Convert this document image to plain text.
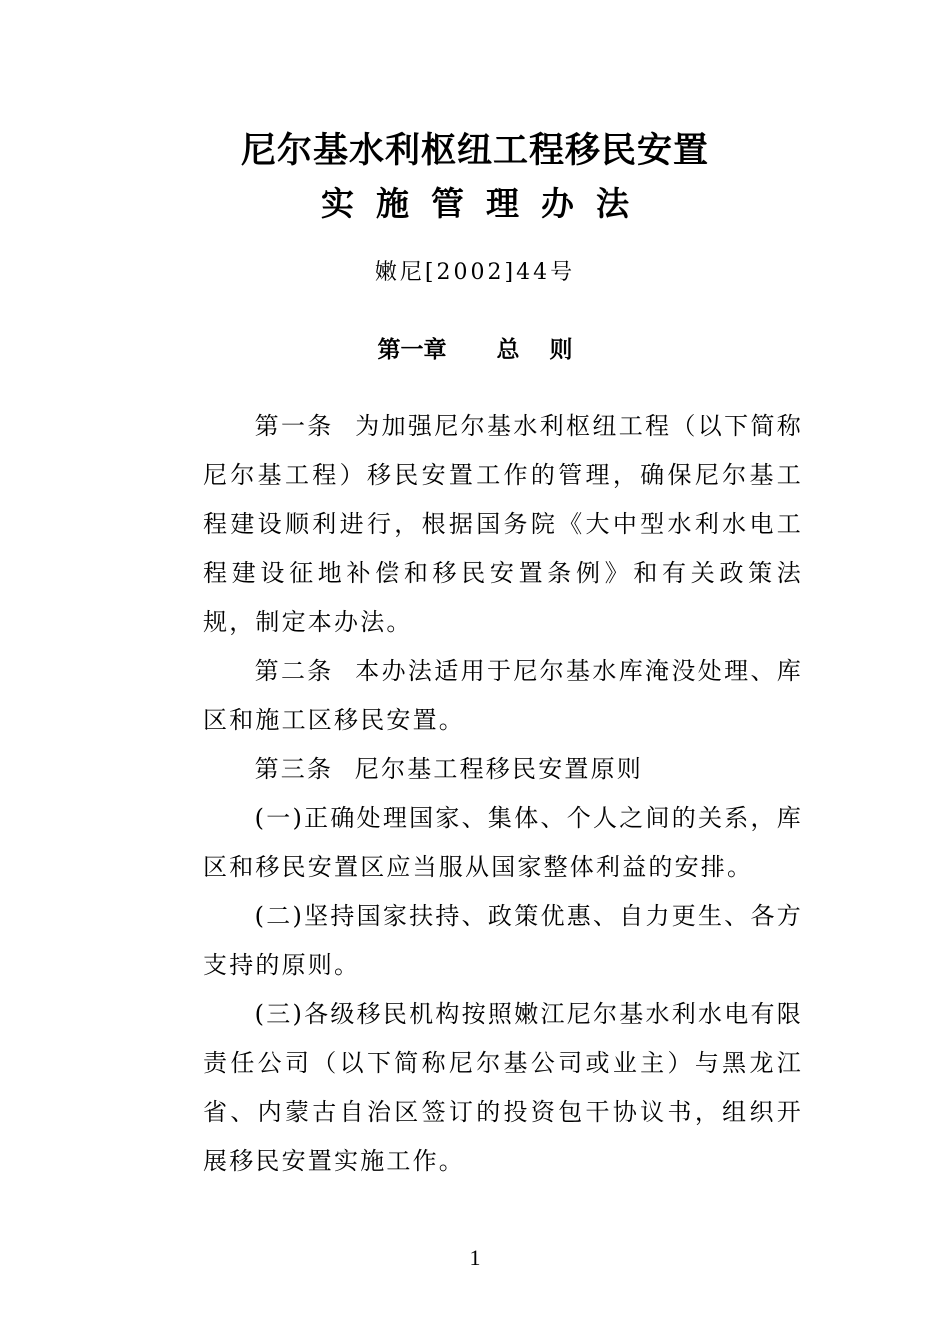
尼尔基水利枢纽工程移民安置
实施管理办法
嫩尼[2002]44号
第一章 总 则

第一条 为加强尼尔基水利枢纽工程（以下简称尼尔基工程）移民安置工作的管理，确保尼尔基工程建设顺利进行，根据国务院《大中型水利水电工程建设征地补偿和移民安置条例》和有关政策法规，制定本办法。

第二条 本办法适用于尼尔基水库淹没处理、库区和施工区移民安置。

第三条 尼尔基工程移民安置原则

(一)正确处理国家、集体、个人之间的关系，库区和移民安置区应当服从国家整体利益的安排。

(二)坚持国家扶持、政策优惠、自力更生、各方支持的原则。

(三)各级移民机构按照嫩江尼尔基水利水电有限责任公司（以下简称尼尔基公司或业主）与黑龙江省、内蒙古自治区签订的投资包干协议书，组织开展移民安置实施工作。

1
